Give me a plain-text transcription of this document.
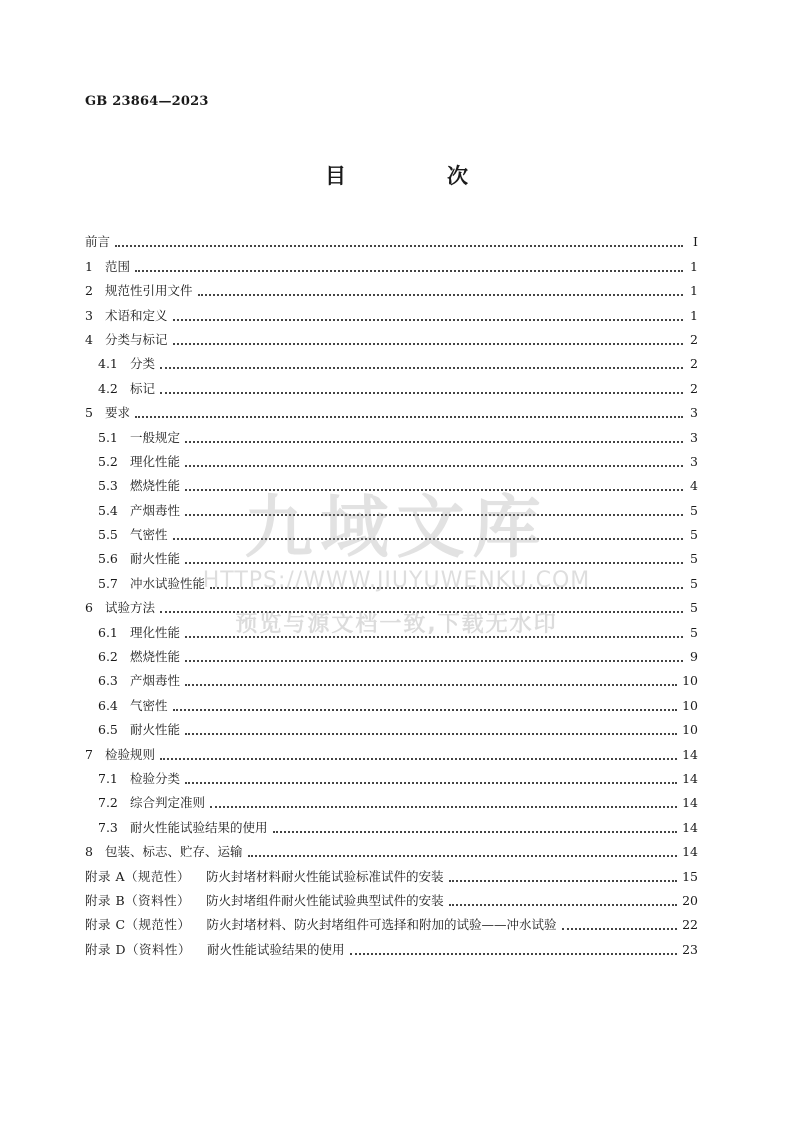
GB 23864—2023
目　次
前言	Ⅰ
1 范围	1
2 规范性引用文件	1
3 术语和定义	1
4 分类与标记	2
4.1 分类	2
4.2 标记	2
5 要求	3
5.1 一般规定	3
5.2 理化性能	3
5.3 燃烧性能	4
5.4 产烟毒性	5
5.5 气密性	5
5.6 耐火性能	5
5.7 冲水试验性能	5
6 试验方法	5
6.1 理化性能	5
6.2 燃烧性能	9
6.3 产烟毒性	10
6.4 气密性	10
6.5 耐火性能	10
7 检验规则	14
7.1 检验分类	14
7.2 综合判定准则	14
7.3 耐火性能试验结果的使用	14
8 包装、标志、贮存、运输	14
附录 A（规范性） 防火封堵材料耐火性能试验标准试件的安装	15
附录 B（资料性） 防火封堵组件耐火性能试验典型试件的安装	20
附录 C（规范性） 防火封堵材料、防火封堵组件可选择和附加的试验——冲水试验	22
附录 D（资料性） 耐火性能试验结果的使用	23
九域文库
HTTPS://WWW.JIUYUWENKU.COM
预览与源文档一致,下载无水印
